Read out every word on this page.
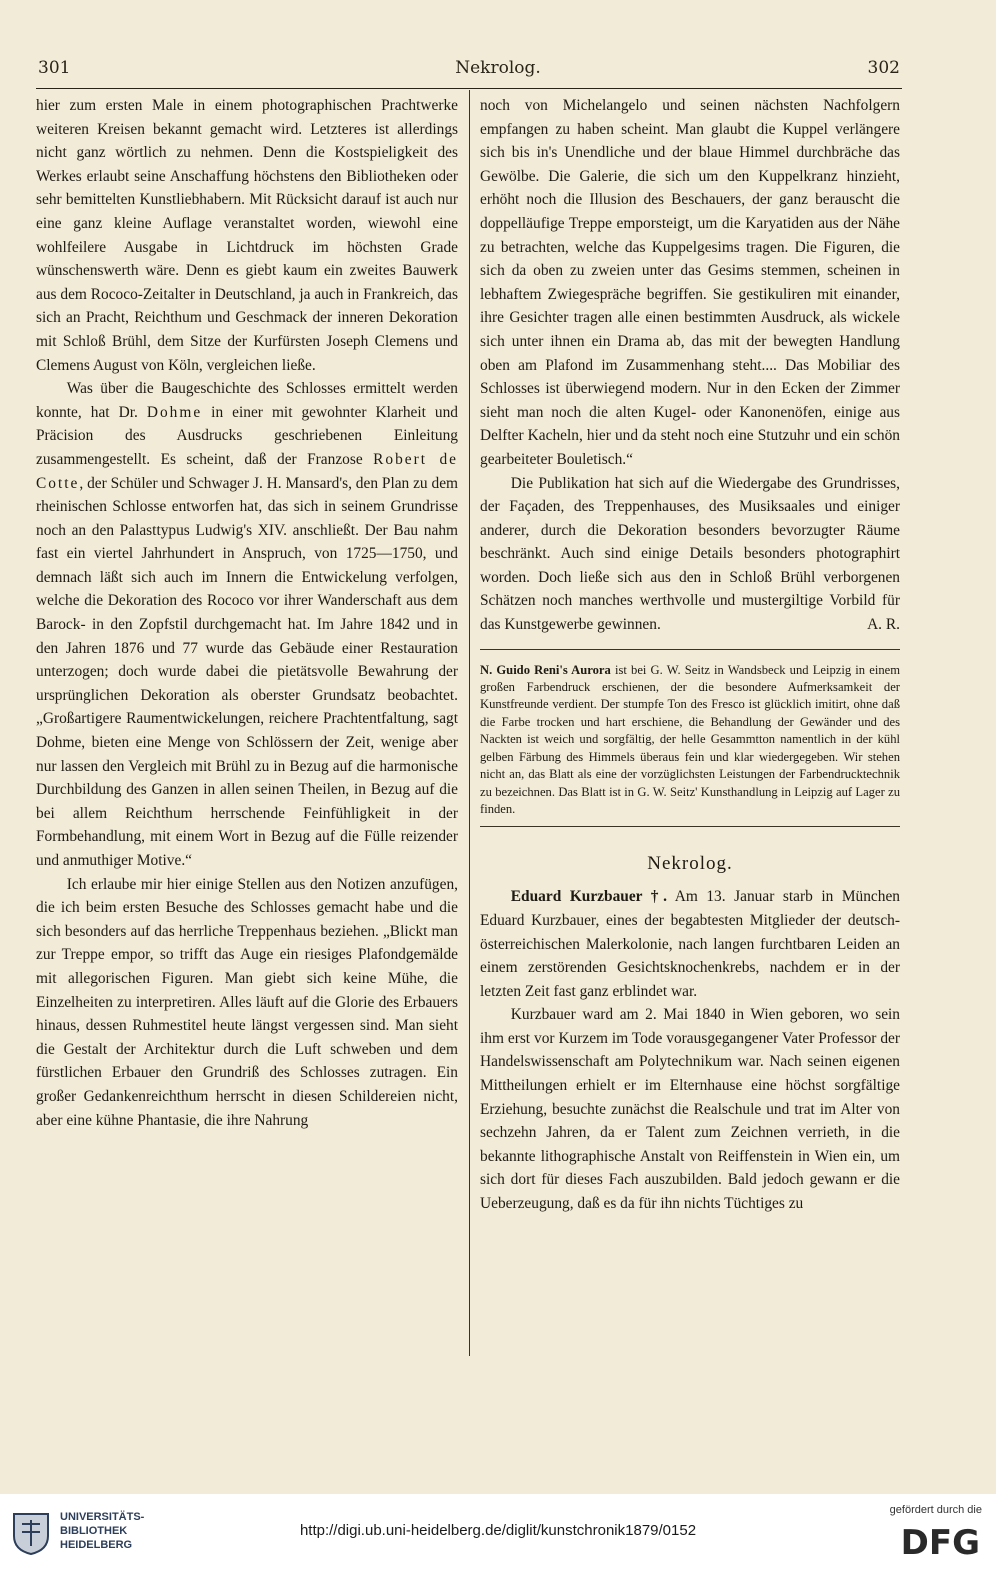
301	Nekrolog.	302

hier zum ersten Male in einem photographischen Prachtwerke weiteren Kreisen bekannt gemacht wird. Letzteres ist allerdings nicht ganz wörtlich zu nehmen. Denn die Kostspieligkeit des Werkes erlaubt seine Anschaffung höchstens den Bibliotheken oder sehr bemittelten Kunstliebhabern. Mit Rücksicht darauf ist auch nur eine ganz kleine Auflage veranstaltet worden, wiewohl eine wohlfeilere Ausgabe in Lichtdruck im höchsten Grade wünschenswerth wäre. Denn es giebt kaum ein zweites Bauwerk aus dem Rococo-Zeitalter in Deutschland, ja auch in Frankreich, das sich an Pracht, Reichthum und Geschmack der inneren Dekoration mit Schloß Brühl, dem Sitze der Kurfürsten Joseph Clemens und Clemens August von Köln, vergleichen ließe.

Was über die Baugeschichte des Schlosses ermittelt werden konnte, hat Dr. Dohme in einer mit gewohnter Klarheit und Präcision des Ausdrucks geschriebenen Einleitung zusammengestellt. Es scheint, daß der Franzose Robert de Cotte, der Schüler und Schwager J. H. Mansard's, den Plan zu dem rheinischen Schlosse entworfen hat, das sich in seinem Grundrisse noch an den Palasttypus Ludwig's XIV. anschließt. Der Bau nahm fast ein viertel Jahrhundert in Anspruch, von 1725—1750, und demnach läßt sich auch im Innern die Entwickelung verfolgen, welche die Dekoration des Rococo vor ihrer Wanderschaft aus dem Barock- in den Zopfstil durchgemacht hat. Im Jahre 1842 und in den Jahren 1876 und 77 wurde das Gebäude einer Restauration unterzogen; doch wurde dabei die pietätsvolle Bewahrung der ursprünglichen Dekoration als oberster Grundsatz beobachtet. „Großartigere Raumentwickelungen, reichere Prachtentfaltung, sagt Dohme, bieten eine Menge von Schlössern der Zeit, wenige aber nur lassen den Vergleich mit Brühl zu in Bezug auf die harmonische Durchbildung des Ganzen in allen seinen Theilen, in Bezug auf die bei allem Reichthum herrschende Feinfühligkeit in der Formbehandlung, mit einem Wort in Bezug auf die Fülle reizender und anmuthiger Motive.“

Ich erlaube mir hier einige Stellen aus den Notizen anzufügen, die ich beim ersten Besuche des Schlosses gemacht habe und die sich besonders auf das herrliche Treppenhaus beziehen. „Blickt man zur Treppe empor, so trifft das Auge ein riesiges Plafondgemälde mit allegorischen Figuren. Man giebt sich keine Mühe, die Einzelheiten zu interpretiren. Alles läuft auf die Glorie des Erbauers hinaus, dessen Ruhmestitel heute längst vergessen sind. Man sieht die Gestalt der Architektur durch die Luft schweben und dem fürstlichen Erbauer den Grundriß des Schlosses zutragen. Ein großer Gedankenreichthum herrscht in diesen Schildereien nicht, aber eine kühne Phantasie, die ihre Nahrung

noch von Michelangelo und seinen nächsten Nachfolgern empfangen zu haben scheint. Man glaubt die Kuppel verlängere sich bis in's Unendliche und der blaue Himmel durchbräche das Gewölbe. Die Galerie, die sich um den Kuppelkranz hinzieht, erhöht noch die Illusion des Beschauers, der ganz berauscht die doppelläufige Treppe emporsteigt, um die Karyatiden aus der Nähe zu betrachten, welche das Kuppelgesims tragen. Die Figuren, die sich da oben zu zweien unter das Gesims stemmen, scheinen in lebhaftem Zwiegespräche begriffen. Sie gestikuliren mit einander, ihre Gesichter tragen alle einen bestimmten Ausdruck, als wickele sich unter ihnen ein Drama ab, das mit der bewegten Handlung oben am Plafond im Zusammenhang steht.... Das Mobiliar des Schlosses ist überwiegend modern. Nur in den Ecken der Zimmer sieht man noch die alten Kugel- oder Kanonenöfen, einige aus Delfter Kacheln, hier und da steht noch eine Stutzuhr und ein schön gearbeiteter Bouletisch.“

Die Publikation hat sich auf die Wiedergabe des Grundrisses, der Façaden, des Treppenhauses, des Musiksaales und einiger anderer, durch die Dekoration besonders bevorzugter Räume beschränkt. Auch sind einige Details besonders photographirt worden. Doch ließe sich aus den in Schloß Brühl verborgenen Schätzen noch manches werthvolle und mustergiltige Vorbild für das Kunstgewerbe gewinnen.	A. R.

N. Guido Reni's Aurora ist bei G. W. Seitz in Wandsbeck und Leipzig in einem großen Farbendruck erschienen, der die besondere Aufmerksamkeit der Kunstfreunde verdient. Der stumpfe Ton des Fresco ist glücklich imitirt, ohne daß die Farbe trocken und hart erschiene, die Behandlung der Gewänder und des Nackten ist weich und sorgfältig, der helle Gesammtton namentlich in der kühl gelben Färbung des Himmels überaus fein und klar wiedergegeben. Wir stehen nicht an, das Blatt als eine der vorzüglichsten Leistungen der Farbendrucktechnik zu bezeichnen. Das Blatt ist in G. W. Seitz' Kunsthandlung in Leipzig auf Lager zu finden.

Nekrolog.

Eduard Kurzbauer †. Am 13. Januar starb in München Eduard Kurzbauer, eines der begabtesten Mitglieder der deutsch-österreichischen Malerkolonie, nach langen furchtbaren Leiden an einem zerstörenden Gesichtsknochenkrebs, nachdem er in der letzten Zeit fast ganz erblindet war.

Kurzbauer ward am 2. Mai 1840 in Wien geboren, wo sein ihm erst vor Kurzem im Tode vorausgegangener Vater Professor der Handelswissenschaft am Polytechnikum war. Nach seinen eigenen Mittheilungen erhielt er im Elternhause eine höchst sorgfältige Erziehung, besuchte zunächst die Realschule und trat im Alter von sechzehn Jahren, da er Talent zum Zeichnen verrieth, in die bekannte lithographische Anstalt von Reiffenstein in Wien ein, um sich dort für dieses Fach auszubilden. Bald jedoch gewann er die Ueberzeugung, daß es da für ihn nichts Tüchtiges zu

UNIVERSITÄTS-
BIBLIOTHEK
HEIDELBERG
http://digi.ub.uni-heidelberg.de/diglit/kunstchronik1879/0152
gefördert durch die
DFG
